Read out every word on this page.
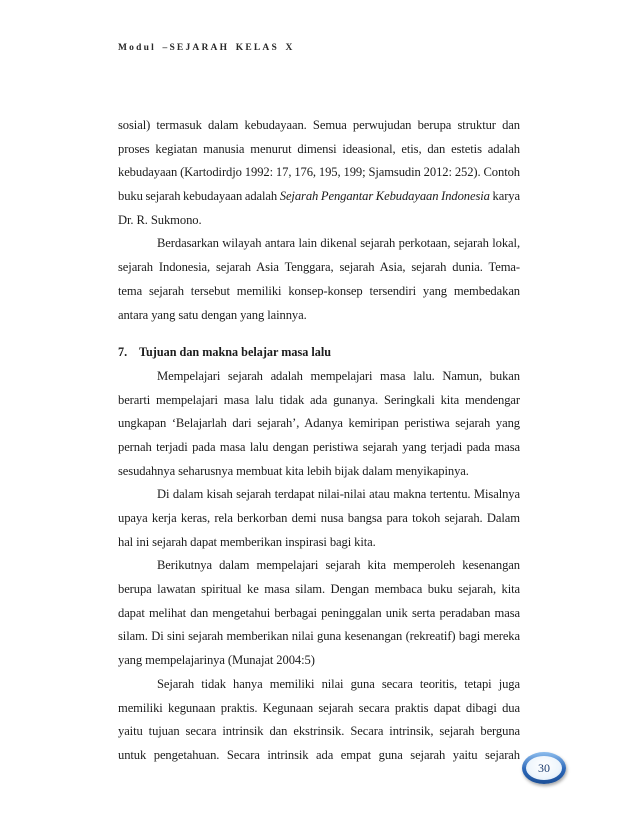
Modul –SEJARAH KELAS X
sosial) termasuk dalam kebudayaan. Semua perwujudan berupa struktur dan
proses kegiatan manusia menurut dimensi ideasional, etis, dan estetis adalah
kebudayaan (Kartodirdjo 1992: 17, 176, 195, 199; Sjamsudin 2012: 252). Contoh
buku sejarah kebudayaan adalah Sejarah Pengantar Kebudayaan Indonesia karya
Dr. R. Sukmono.
Berdasarkan wilayah antara lain dikenal sejarah perkotaan, sejarah lokal,
sejarah Indonesia, sejarah Asia Tenggara, sejarah Asia, sejarah dunia. Tema-
tema sejarah tersebut memiliki konsep-konsep tersendiri yang membedakan
antara yang satu dengan yang lainnya.
7. Tujuan dan makna belajar masa lalu
Mempelajari sejarah adalah mempelajari masa lalu. Namun, bukan
berarti mempelajari masa lalu tidak ada gunanya. Seringkali kita mendengar
ungkapan ‘Belajarlah dari sejarah’, Adanya kemiripan peristiwa sejarah yang
pernah terjadi pada masa lalu dengan peristiwa sejarah yang terjadi pada masa
sesudahnya seharusnya membuat kita lebih bijak dalam menyikapinya.
Di dalam kisah sejarah terdapat nilai-nilai atau makna tertentu. Misalnya
upaya kerja keras, rela berkorban demi nusa bangsa para tokoh sejarah. Dalam
hal ini sejarah dapat memberikan inspirasi bagi kita.
Berikutnya dalam mempelajari sejarah kita memperoleh kesenangan
berupa lawatan spiritual ke masa silam. Dengan membaca buku sejarah, kita
dapat melihat dan mengetahui berbagai peninggalan unik serta peradaban masa
silam. Di sini sejarah memberikan nilai guna kesenangan (rekreatif) bagi mereka
yang mempelajarinya (Munajat 2004:5)
Sejarah tidak hanya memiliki nilai guna secara teoritis, tetapi juga
memiliki kegunaan praktis. Kegunaan sejarah secara praktis dapat dibagi dua
yaitu tujuan secara intrinsik dan ekstrinsik. Secara intrinsik, sejarah berguna
untuk pengetahuan. Secara intrinsik ada empat guna sejarah yaitu sejarah
30
